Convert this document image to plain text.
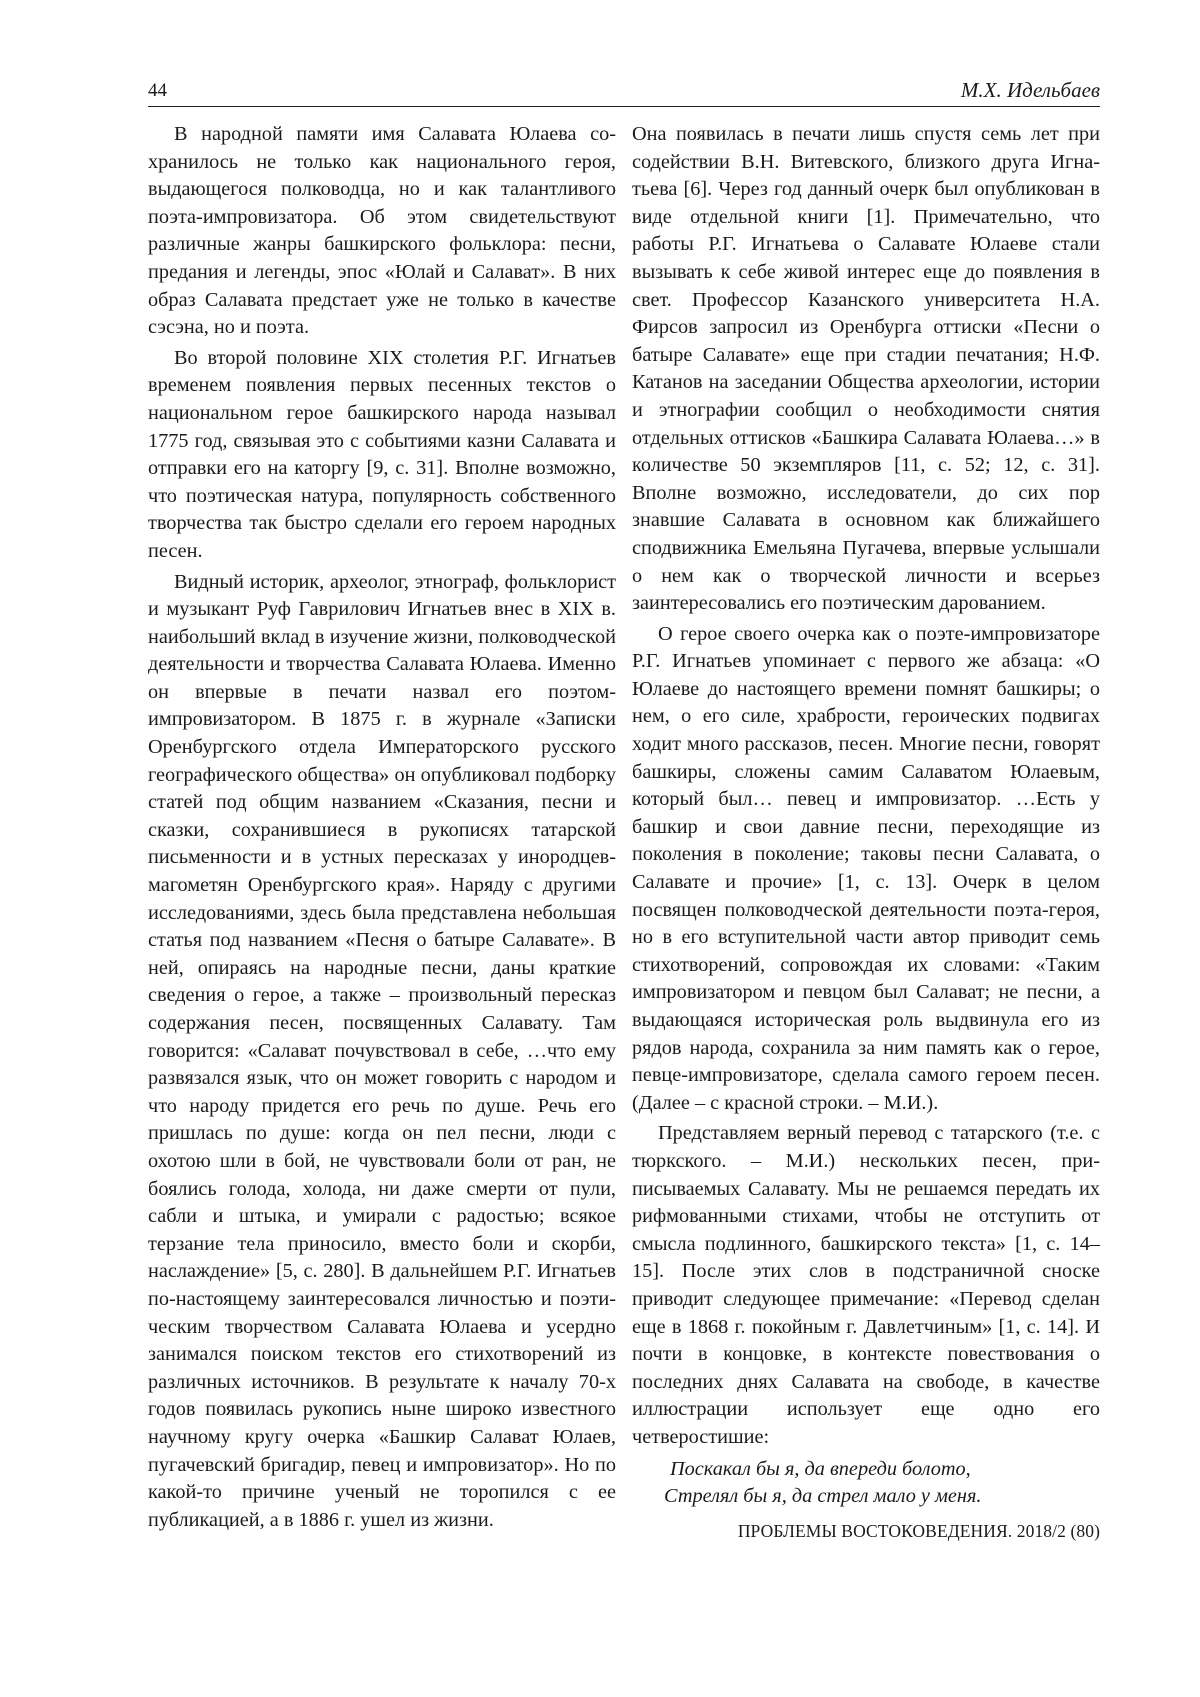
44	М.Х. Идельбаев

В народной памяти имя Салавата Юлаева сохранилось не только как национального героя, выдающегося полководца, но и как талантливого поэта-импровизатора. Об этом свидетельствуют различные жанры башкирского фольклора: песни, предания и легенды, эпос «Юлай и Салават». В них образ Салавата предстает уже не только в качестве сэсэна, но и поэта.

Во второй половине XIX столетия Р.Г. Игнатьев временем появления первых песенных текстов о национальном герое башкирского народа называл 1775 год, связывая это с событиями казни Салавата и отправки его на каторгу [9, с. 31]. Вполне возможно, что поэтическая натура, популярность собственного творчества так быстро сделали его героем народных песен.

Видный историк, археолог, этнограф, фольклорист и музыкант Руф Гаврилович Игнатьев внес в XIX в. наибольший вклад в изучение жизни, полководческой деятельности и творчества Салавата Юлаева. Именно он впервые в печати назвал его поэтом-импровизатором. В 1875 г. в журнале «Записки Оренбургского отдела Императорского русского географического общества» он опубликовал подборку статей под общим названием «Сказания, песни и сказки, сохранившиеся в рукописях татарской письменности и в устных пересказах у инородцев-магометян Оренбургского края». Наряду с другими исследованиями, здесь была представлена небольшая статья под названием «Песня о батыре Салавате». В ней, опираясь на народные песни, даны краткие сведения о герое, а также – произвольный пересказ содержания песен, посвященных Салавату. Там говорится: «Салават почувствовал в себе, …что ему развязался язык, что он может говорить с народом и что народу придется его речь по душе. Речь его пришлась по душе: когда он пел песни, люди с охотою шли в бой, не чувствовали боли от ран, не боялись голода, холода, ни даже смерти от пули, сабли и штыка, и умирали с радостью; всякое терзание тела приносило, вместо боли и скорби, наслаждение» [5, с. 280]. В дальнейшем Р.Г. Игнатьев по-настоящему заинтересовался личностью и поэтическим творчеством Салавата Юлаева и усердно занимался поиском текстов его стихотворений из различных источников. В результате к началу 70-х годов появилась рукопись ныне широко известного научному кругу очерка «Башкир Салават Юлаев, пугачевский бригадир, певец и импровизатор». Но по какой-то причине ученый не торопился с ее публикацией, а в 1886 г. ушел из жизни.

Она появилась в печати лишь спустя семь лет при содействии В.Н. Витевского, близкого друга Игнатьева [6]. Через год данный очерк был опубликован в виде отдельной книги [1]. Примечательно, что работы Р.Г. Игнатьева о Салавате Юлаеве стали вызывать к себе живой интерес еще до появления в свет. Профессор Казанского университета Н.А. Фирсов запросил из Оренбурга оттиски «Песни о батыре Салавате» еще при стадии печатания; Н.Ф. Катанов на заседании Общества археологии, истории и этнографии сообщил о необходимости снятия отдельных оттисков «Башкира Салавата Юлаева…» в количестве 50 экземпляров [11, с. 52; 12, с. 31]. Вполне возможно, исследователи, до сих пор знавшие Салавата в основном как ближайшего сподвижника Емельяна Пугачева, впервые услышали о нем как о творческой личности и всерьез заинтересовались его поэтическим дарованием.

О герое своего очерка как о поэте-импровизаторе Р.Г. Игнатьев упоминает с первого же абзаца: «О Юлаеве до настоящего времени помнят башкиры; о нем, о его силе, храбрости, героических подвигах ходит много рассказов, песен. Многие песни, говорят башкиры, сложены самим Салаватом Юлаевым, который был… певец и импровизатор. …Есть у башкир и свои давние песни, переходящие из поколения в поколение; таковы песни Салавата, о Салавате и прочие» [1, с. 13]. Очерк в целом посвящен полководческой деятельности поэта-героя, но в его вступительной части автор приводит семь стихотворений, сопровождая их словами: «Таким импровизатором и певцом был Салават; не песни, а выдающаяся историческая роль выдвинула его из рядов народа, сохранила за ним память как о герое, певце-импровизаторе, сделала самого героем песен. (Далее – с красной строки. – М.И.).

Представляем верный перевод с татарского (т.е. с тюркского. – М.И.) нескольких песен, приписываемых Салавату. Мы не решаемся передать их рифмованными стихами, чтобы не отступить от смысла подлинного, башкирского текста» [1, с. 14–15]. После этих слов в подстраничной сноске приводит следующее примечание: «Перевод сделан еще в 1868 г. покойным г. Давлетчиным» [1, с. 14]. И почти в концовке, в контексте повествования о последних днях Салавата на свободе, в качестве иллюстрации использует еще одно его четверостишие:

Поскакал бы я, да впереди болото,
Стрелял бы я, да стрел мало у меня.
ПРОБЛЕМЫ ВОСТОКОВЕДЕНИЯ. 2018/2 (80)
